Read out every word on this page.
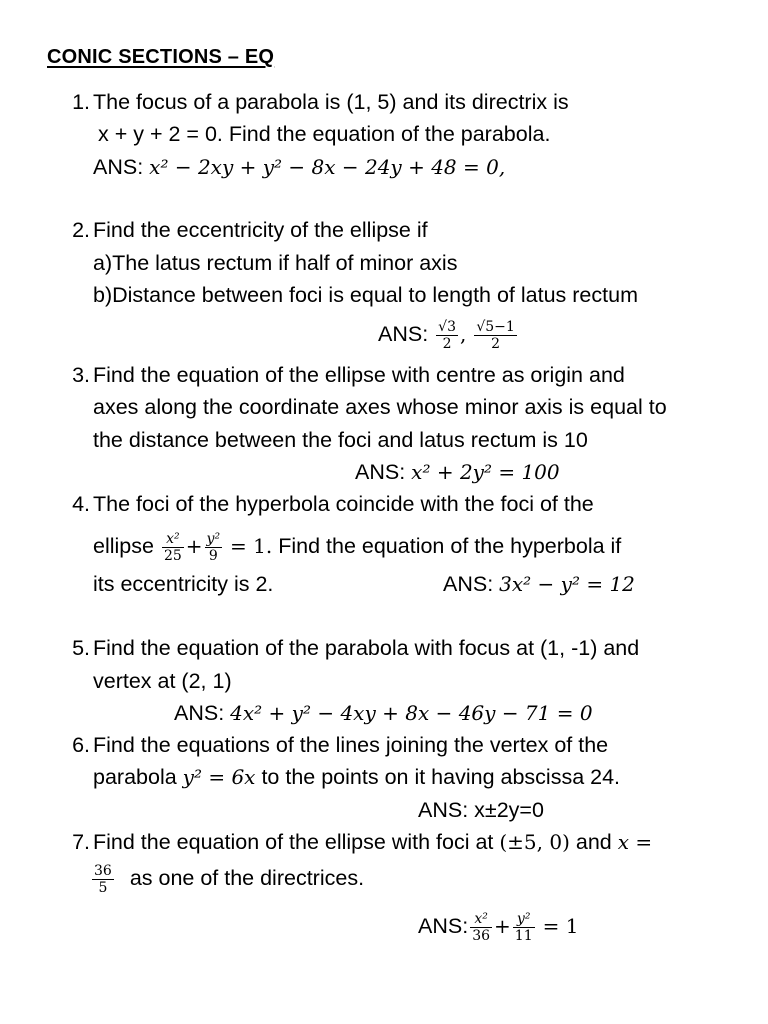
CONIC SECTIONS – EQ
1. The focus of a parabola is (1, 5) and its directrix is
x + y + 2 = 0. Find the equation of the parabola.
ANS: x² − 2xy + y² − 8x − 24y + 48 = 0,
2. Find the eccentricity of the ellipse if
a)The latus rectum if half of minor axis
b)Distance between foci is equal to length of latus rectum
ANS: $\frac{√3}{2}$ , $\frac{√5-1}{2}$
3. Find the equation of the ellipse with centre as origin and
axes along the coordinate axes whose minor axis is equal to
the distance between the foci and latus rectum is 10
ANS: x² + 2y² = 100
4. The foci of the hyperbola coincide with the foci of the
ellipse $\frac{\text{x²}}{25} + \frac{\text{y²}}{9} = 1$. Find the equation of the hyperbola if
its eccentricity is 2.	ANS: 3x² − y² = 12
5. Find the equation of the parabola with focus at (1, -1) and
vertex at (2, 1)
ANS: 4x² + y² − 4xy + 8x − 46y − 71 = 0
6. Find the equations of the lines joining the vertex of the
parabola y² = 6x to the points on it having abscissa 24.
ANS: x±2y=0
7. Find the equation of the ellipse with foci at (±5, 0) and x =
$\frac{36}{5}$ as one of the directrices.
ANS: $\frac{\text{x²}}{36} + \frac{\text{y²}}{11} = 1$
